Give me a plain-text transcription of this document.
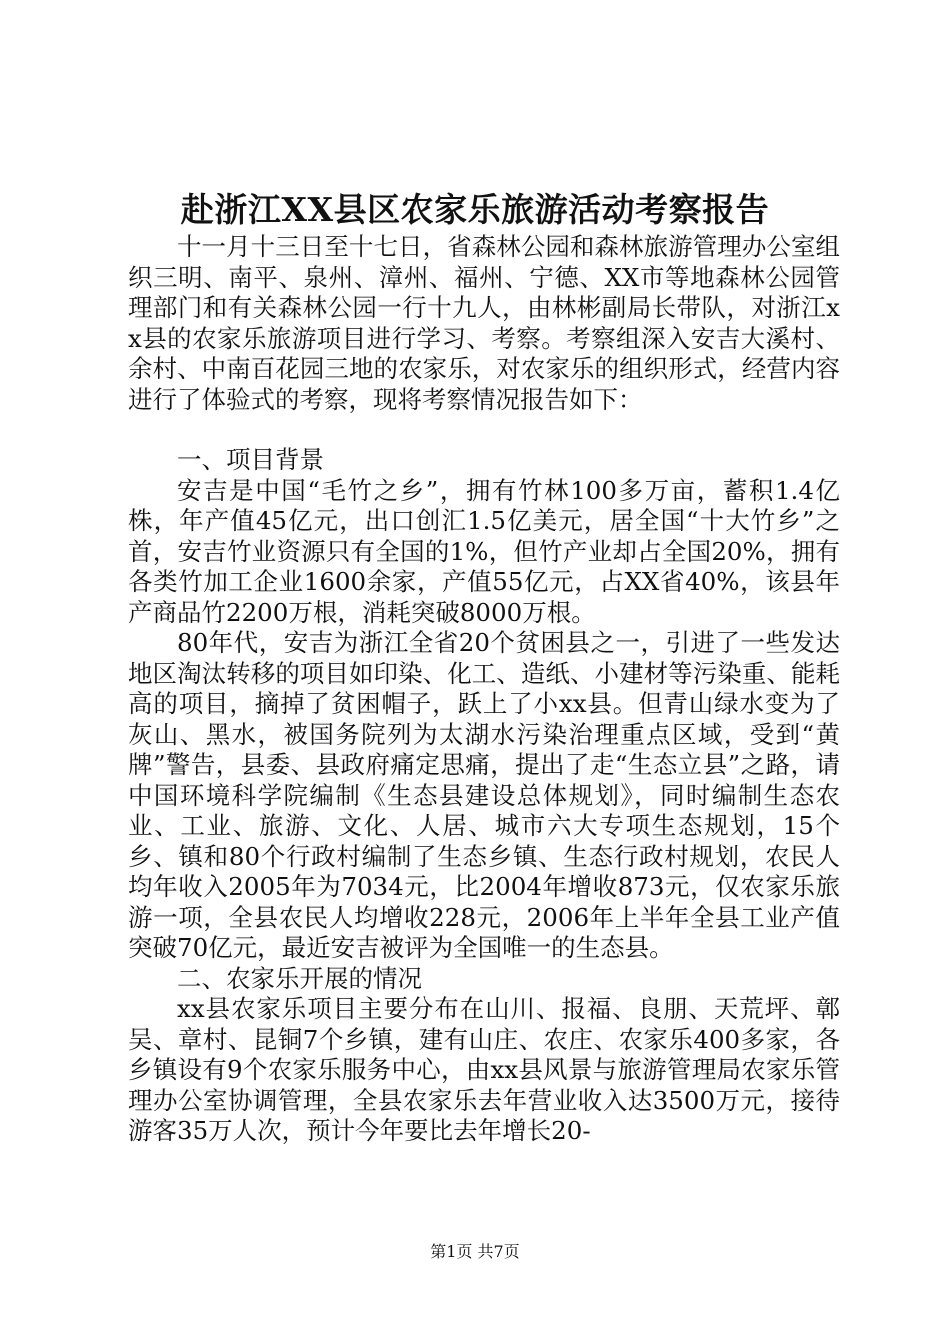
赴浙江XX县区农家乐旅游活动考察报告

十一月十三日至十七日，省森林公园和森林旅游管理办公室组织三明、南平、泉州、漳州、福州、宁德、XX市等地森林公园管理部门和有关森林公园一行十九人，由林彬副局长带队，对浙江xx县的农家乐旅游项目进行学习、考察。考察组深入安吉大溪村、余村、中南百花园三地的农家乐，对农家乐的组织形式，经营内容进行了体验式的考察，现将考察情况报告如下：

一、项目背景

安吉是中国“毛竹之乡”，拥有竹林100多万亩，蓄积1.4亿株，年产值45亿元，出口创汇1.5亿美元，居全国“十大竹乡”之首，安吉竹业资源只有全国的1%，但竹产业却占全国20%，拥有各类竹加工企业1600余家，产值55亿元，占XX省40%，该县年产商品竹2200万根，消耗突破8000万根。

80年代，安吉为浙江全省20个贫困县之一，引进了一些发达地区淘汰转移的项目如印染、化工、造纸、小建材等污染重、能耗高的项目，摘掉了贫困帽子，跃上了小xx县。但青山绿水变为了灰山、黑水，被国务院列为太湖水污染治理重点区域，受到“黄牌”警告，县委、县政府痛定思痛，提出了走“生态立县”之路，请中国环境科学院编制《生态县建设总体规划》，同时编制生态农业、工业、旅游、文化、人居、城市六大专项生态规划，15个乡、镇和80个行政村编制了生态乡镇、生态行政村规划，农民人均年收入2005年为7034元，比2004年增收873元，仅农家乐旅游一项，全县农民人均增收228元，2006年上半年全县工业产值突破70亿元，最近安吉被评为全国唯一的生态县。

二、农家乐开展的情况

xx县农家乐项目主要分布在山川、报福、良朋、天荒坪、鄣吴、章村、昆铜7个乡镇，建有山庄、农庄、农家乐400多家，各乡镇设有9个农家乐服务中心，由xx县风景与旅游管理局农家乐管理办公室协调管理，全县农家乐去年营业收入达3500万元，接待游客35万人次，预计今年要比去年增长20-

第1页 共7页
